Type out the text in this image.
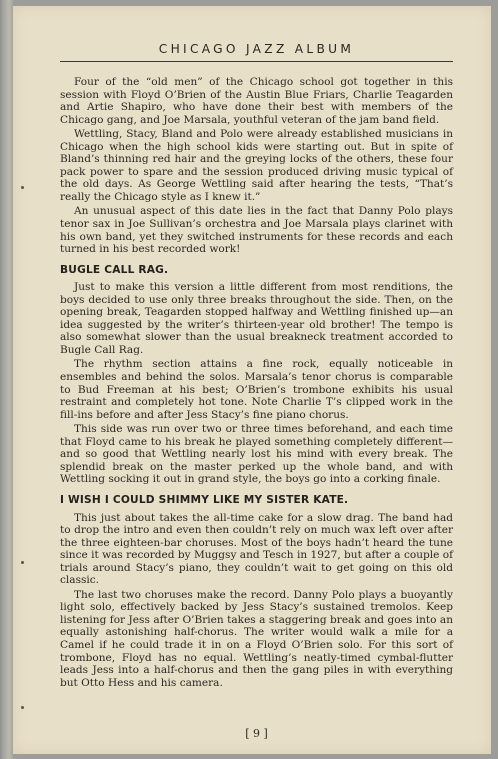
CHICAGO JAZZ ALBUM

Four of the “old men” of the Chicago school got together in this session with Floyd O’Brien of the Austin Blue Friars, Charlie Teagarden and Artie Shapiro, who have done their best with members of the Chicago gang, and Joe Marsala, youthful veteran of the jam band field.

Wettling, Stacy, Bland and Polo were already established musicians in Chicago when the high school kids were starting out. But in spite of Bland’s thinning red hair and the greying locks of the others, these four pack power to spare and the session produced driving music typical of the old days. As George Wettling said after hearing the tests, “That’s really the Chicago style as I knew it.”

An unusual aspect of this date lies in the fact that Danny Polo plays tenor sax in Joe Sullivan’s orchestra and Joe Marsala plays clarinet with his own band, yet they switched instruments for these records and each turned in his best recorded work!

BUGLE CALL RAG.

Just to make this version a little different from most renditions, the boys decided to use only three breaks throughout the side. Then, on the opening break, Teagarden stopped halfway and Wettling finished up—an idea suggested by the writer’s thirteen-year old brother! The tempo is also somewhat slower than the usual breakneck treatment accorded to Bugle Call Rag.

The rhythm section attains a fine rock, equally noticeable in ensembles and behind the solos. Marsala’s tenor chorus is comparable to Bud Freeman at his best; O’Brien’s trombone exhibits his usual restraint and completely hot tone. Note Charlie T’s clipped work in the fill-ins before and after Jess Stacy’s fine piano chorus.

This side was run over two or three times beforehand, and each time that Floyd came to his break he played something completely different—and so good that Wettling nearly lost his mind with every break. The splendid break on the master perked up the whole band, and with Wettling socking it out in grand style, the boys go into a corking finale.

I WISH I COULD SHIMMY LIKE MY SISTER KATE.

This just about takes the all-time cake for a slow drag. The band had to drop the intro and even then couldn’t rely on much wax left over after the three eighteen-bar choruses. Most of the boys hadn’t heard the tune since it was recorded by Muggsy and Tesch in 1927, but after a couple of trials around Stacy’s piano, they couldn’t wait to get going on this old classic.

The last two choruses make the record. Danny Polo plays a buoyantly light solo, effectively backed by Jess Stacy’s sustained tremolos. Keep listening for Jess after O’Brien takes a staggering break and goes into an equally astonishing half-chorus. The writer would walk a mile for a Camel if he could trade it in on a Floyd O’Brien solo. For this sort of trombone, Floyd has no equal. Wettling’s neatly-timed cymbal-flutter leads Jess into a half-chorus and then the gang piles in with everything but Otto Hess and his camera.

[ 9 ]
